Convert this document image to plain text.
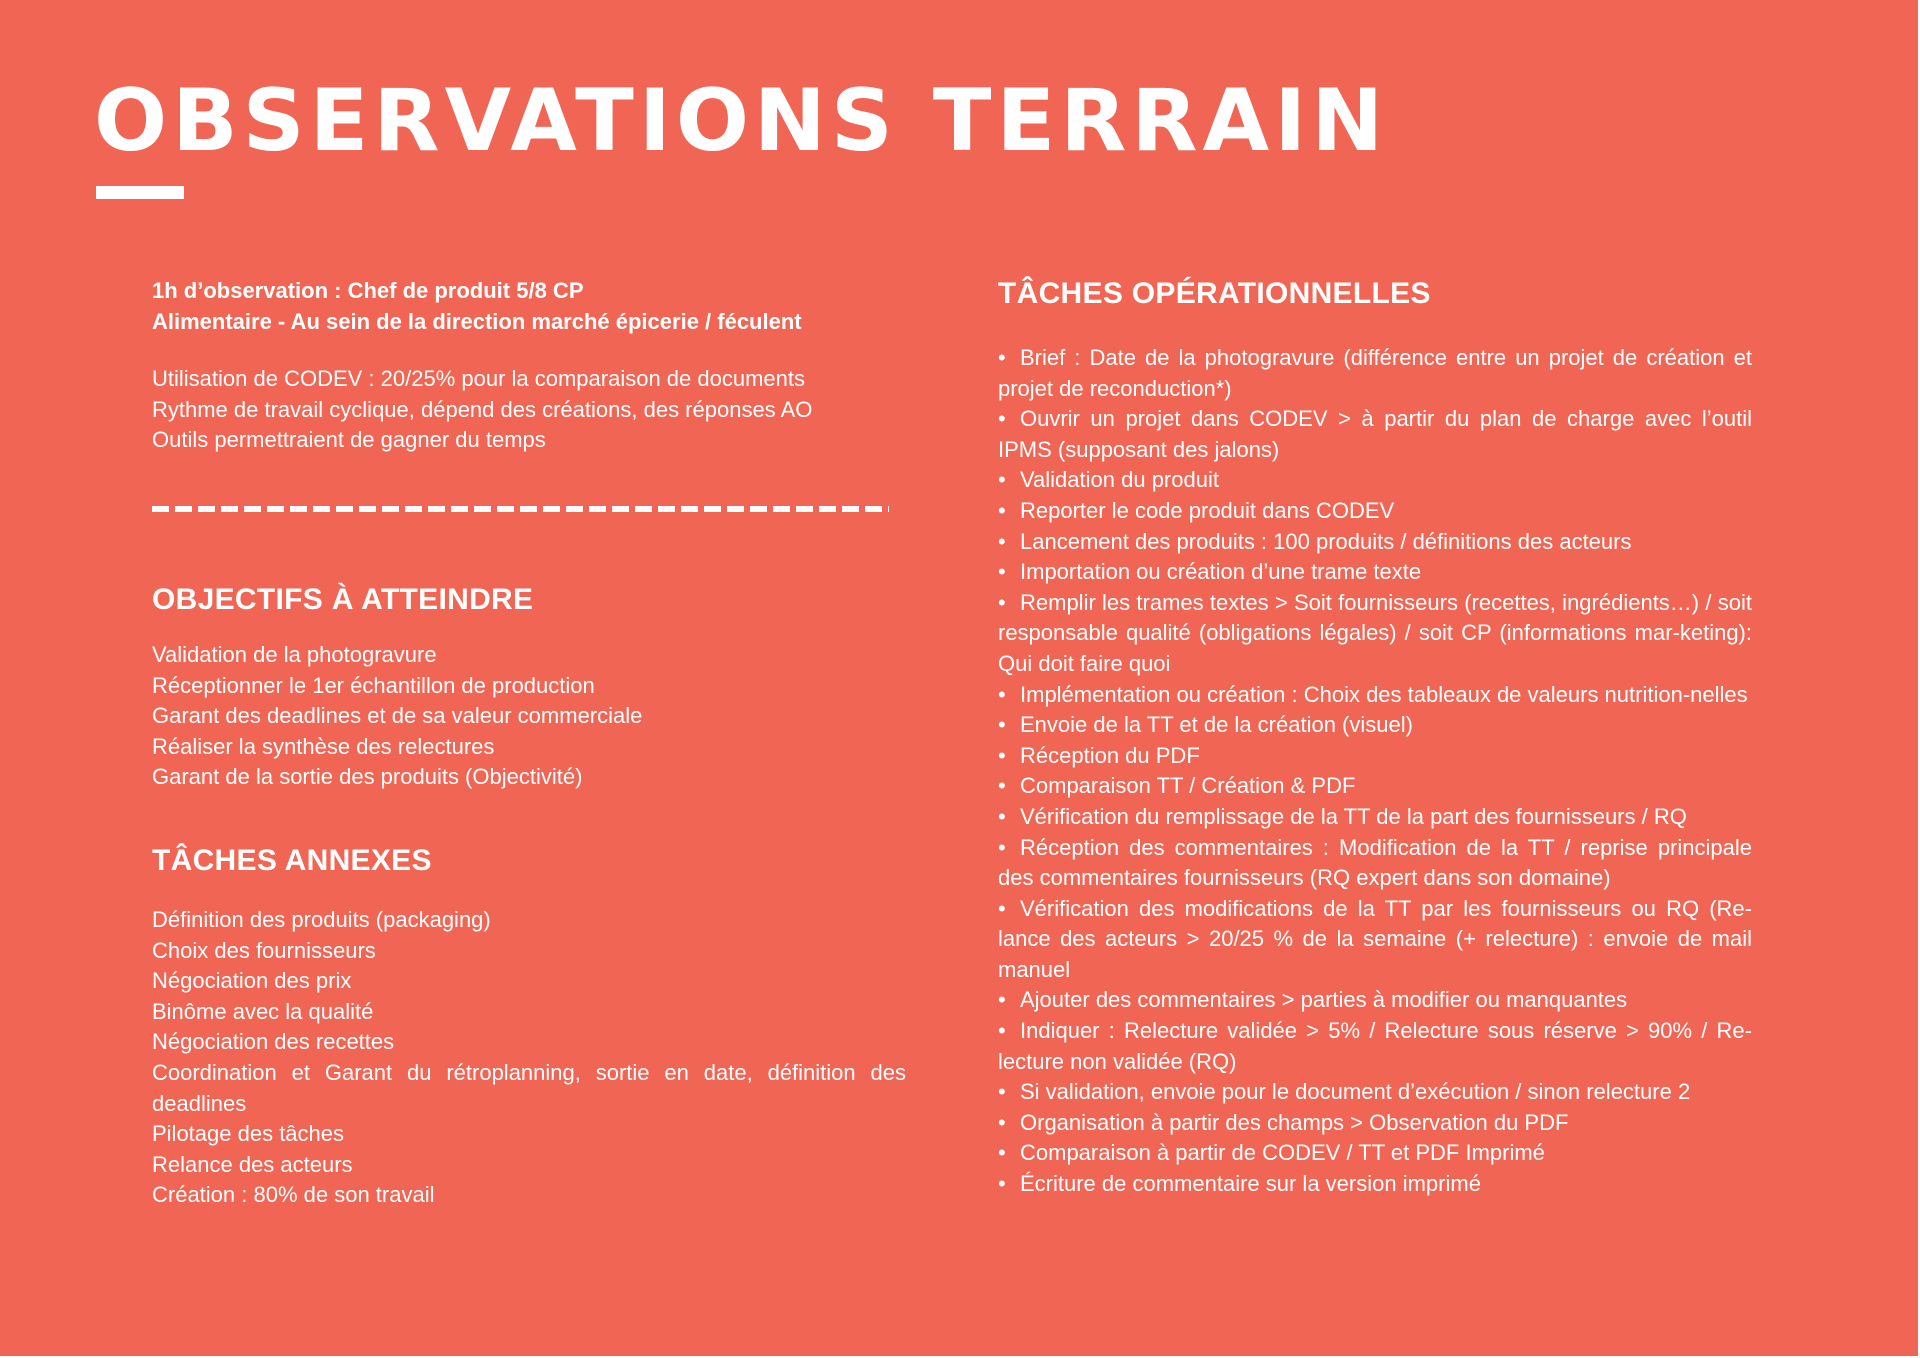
OBSERVATIONS TERRAIN
1h d’observation : Chef de produit 5/8 CP
Alimentaire - Au sein de la direction marché épicerie / féculent
Utilisation de CODEV : 20/25% pour la comparaison de documents
Rythme de travail cyclique, dépend des créations, des réponses AO
Outils permettraient de gagner du temps
OBJECTIFS À ATTEINDRE
Validation de la photogravure
Réceptionner le 1er échantillon de production
Garant des deadlines et de sa valeur commerciale
Réaliser la synthèse des relectures
Garant de la sortie des produits (Objectivité)
TÂCHES ANNEXES
Définition des produits (packaging)
Choix des fournisseurs
Négociation des prix
Binôme avec la qualité
Négociation des recettes
Coordination et Garant du rétroplanning, sortie en date, définition des deadlines
Pilotage des tâches
Relance des acteurs
Création : 80% de son travail
TÂCHES OPÉRATIONNELLES
• Brief : Date de la photogravure (différence entre un projet de création et projet de reconduction*)
• Ouvrir un projet dans CODEV > à partir du plan de charge avec l’outil IPMS (supposant des jalons)
• Validation du produit
• Reporter le code produit dans CODEV
• Lancement des produits : 100 produits / définitions des acteurs
• Importation ou création d’une trame texte
• Remplir les trames textes > Soit fournisseurs (recettes, ingrédients…) / soit responsable qualité (obligations légales) / soit CP (informations mar-keting): Qui doit faire quoi
• Implémentation ou création : Choix des tableaux de valeurs nutrition-nelles
• Envoie de la TT et de la création (visuel)
• Réception du PDF
• Comparaison TT / Création & PDF
• Vérification du remplissage de la TT de la part des fournisseurs / RQ
• Réception des commentaires : Modification de la TT / reprise principale des commentaires fournisseurs (RQ expert dans son domaine)
• Vérification des modifications de la TT par les fournisseurs ou RQ (Re-lance des acteurs > 20/25 % de la semaine (+ relecture) : envoie de mail manuel
• Ajouter des commentaires > parties à modifier ou manquantes
• Indiquer : Relecture validée > 5% / Relecture sous réserve > 90% / Re-lecture non validée (RQ)
• Si validation, envoie pour le document d’exécution / sinon relecture 2
• Organisation à partir des champs > Observation du PDF
• Comparaison à partir de CODEV / TT et PDF Imprimé
• Écriture de commentaire sur la version imprimé
